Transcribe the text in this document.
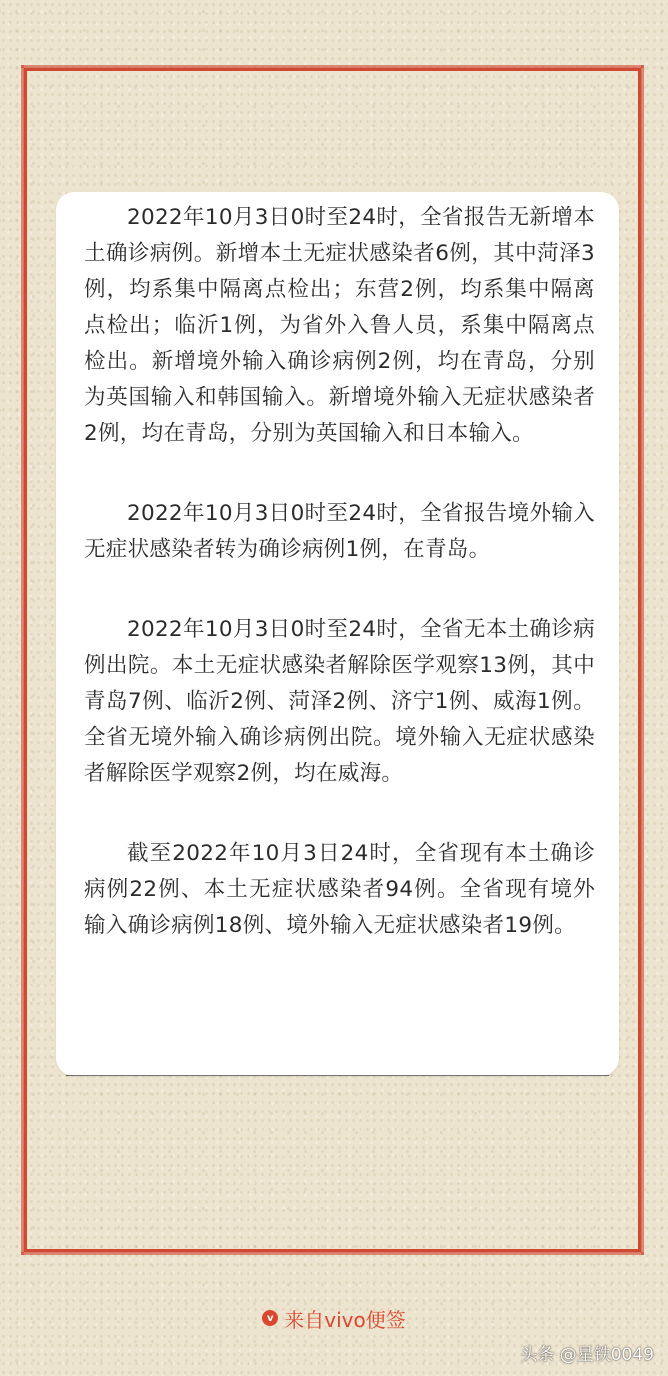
2022年10月3日0时至24时，全省报告无新增本土确诊病例。新增本土无症状感染者6例，其中菏泽3例，均系集中隔离点检出；东营2例，均系集中隔离点检出；临沂1例，为省外入鲁人员，系集中隔离点检出。新增境外输入确诊病例2例，均在青岛，分别为英国输入和韩国输入。新增境外输入无症状感染者2例，均在青岛，分别为英国输入和日本输入。

2022年10月3日0时至24时，全省报告境外输入无症状感染者转为确诊病例1例，在青岛。

2022年10月3日0时至24时，全省无本土确诊病例出院。本土无症状感染者解除医学观察13例，其中青岛7例、临沂2例、菏泽2例、济宁1例、威海1例。全省无境外输入确诊病例出院。境外输入无症状感染者解除医学观察2例，均在威海。

截至2022年10月3日24时，全省现有本土确诊病例22例、本土无症状感染者94例。全省现有境外输入确诊病例18例、境外输入无症状感染者19例。

v 来自vivo便签
头条 @星铁0049
